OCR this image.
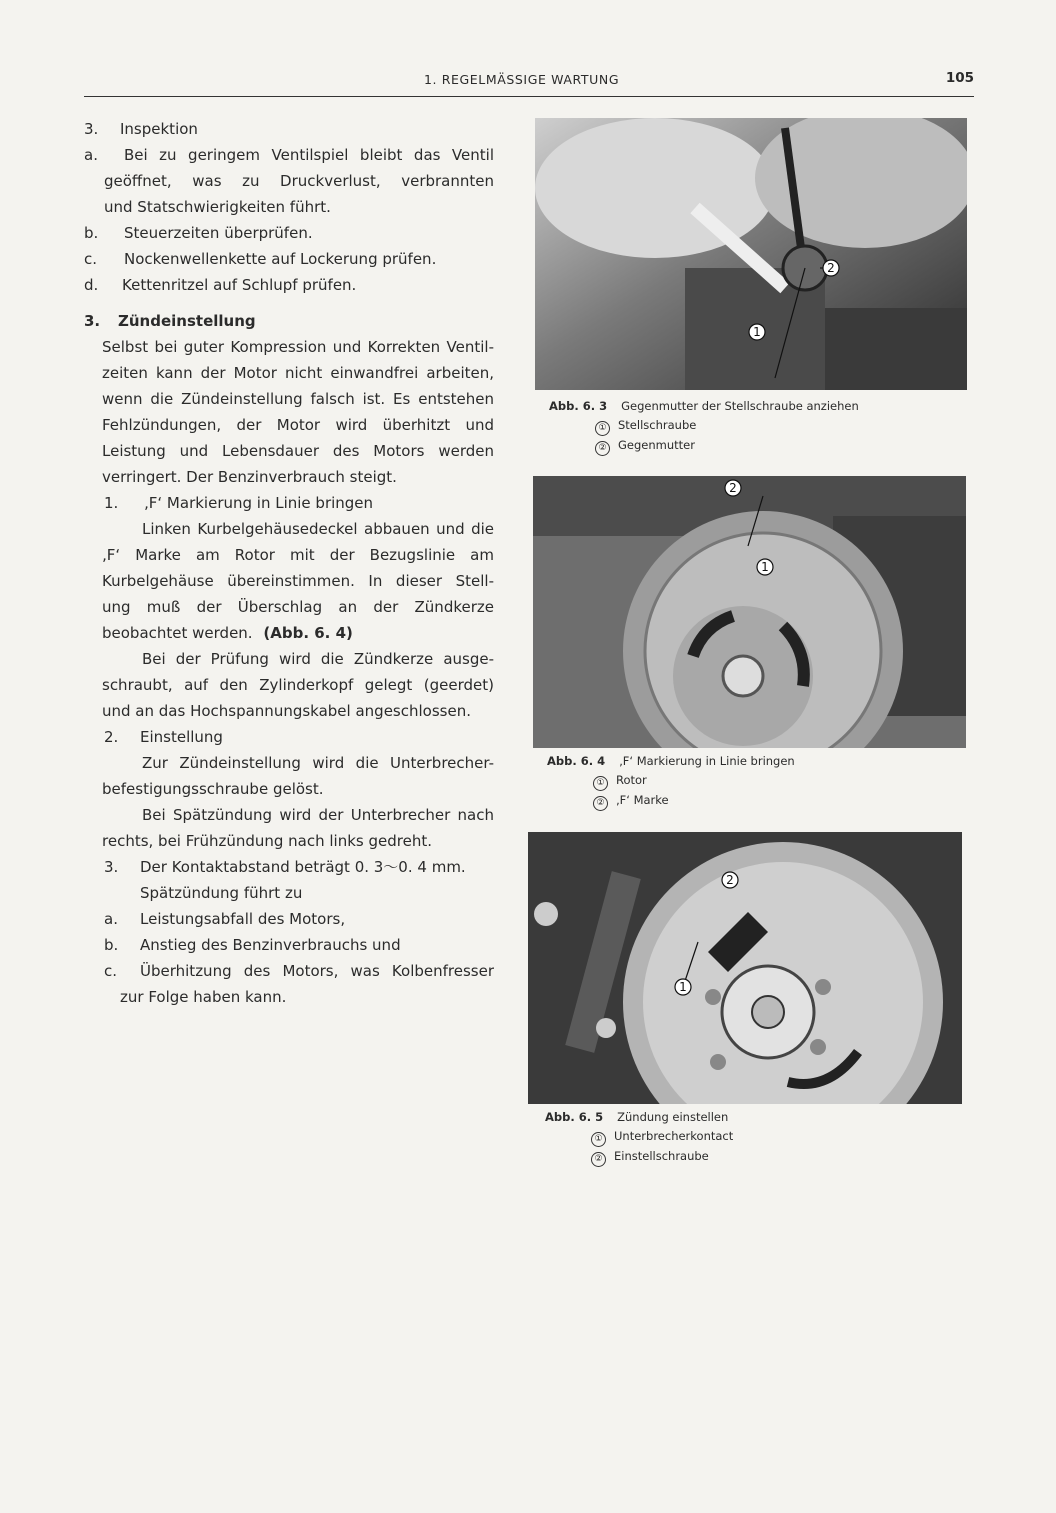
1. REGELMÄSSIGE WARTUNG	105
3. Inspektion
a. Bei zu geringem Ventilspiel bleibt das Ventil
geöffnet, was zu Druckverlust, verbrannten
und Statschwierigkeiten führt.
b. Steuerzeiten überprüfen.
c. Nockenwellenkette auf Lockerung prüfen.
d. Kettenritzel auf Schlupf prüfen.
3. Zündeinstellung
Selbst bei guter Kompression und Korrekten Ventil-
zeiten kann der Motor nicht einwandfrei arbeiten,
wenn die Zündeinstellung falsch ist. Es entstehen
Fehlzündungen, der Motor wird überhitzt und
Leistung und Lebensdauer des Motors werden
verringert. Der Benzinverbrauch steigt.
1. ‚F‘ Markierung in Linie bringen
Linken Kurbelgehäusedeckel abbauen und die
‚F‘ Marke am Rotor mit der Bezugslinie am
Kurbelgehäuse übereinstimmen. In dieser Stell-
ung muß der Überschlag an der Zündkerze
beobachtet werden. (Abb. 6. 4)
Bei der Prüfung wird die Zündkerze ausge-
schraubt, auf den Zylinderkopf gelegt (geerdet)
und an das Hochspannungskabel angeschlossen.
2. Einstellung
Zur Zündeinstellung wird die Unterbrecher-
befestigungsschraube gelöst.
Bei Spätzündung wird der Unterbrecher nach
rechts, bei Frühzündung nach links gedreht.
3. Der Kontaktabstand beträgt 0. 3～0. 4 mm.
Spätzündung führt zu
a. Leistungsabfall des Motors,
b. Anstieg des Benzinverbrauchs und
c. Überhitzung des Motors, was Kolbenfresser
zur Folge haben kann.
1
2
Abb. 6. 3 Gegenmutter der Stellschraube anziehen
① Stellschraube
② Gegenmutter
1
2
Abb. 6. 4 ‚F‘ Markierung in Linie bringen
① Rotor
② ‚F‘ Marke
1
2
Abb. 6. 5 Zündung einstellen
① Unterbrecherkontact
② Einstellschraube
